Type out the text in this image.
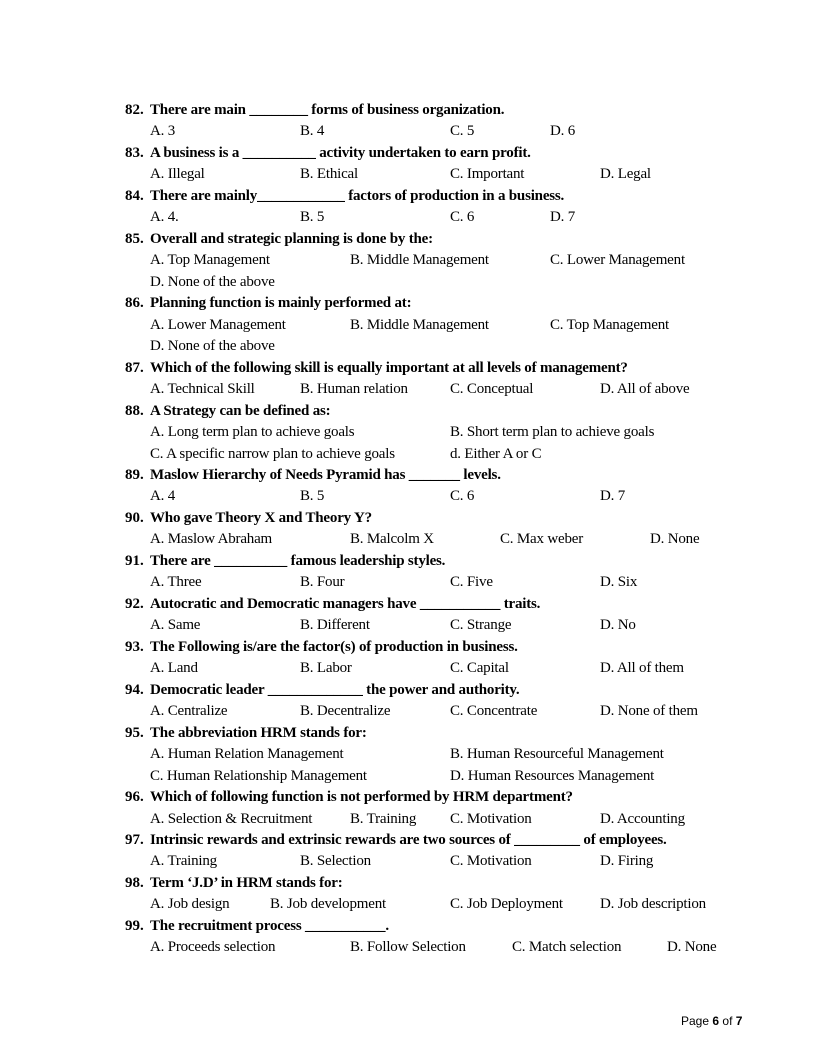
82. There are main ________ forms of business organization.
A. 3	B. 4	C. 5	D. 6
83. A business is a __________ activity undertaken to earn profit.
A. Illegal	B. Ethical	C. Important	D. Legal
84. There are mainly____________ factors of production in a business.
A. 4.	B. 5	C. 6	D. 7
85. Overall and strategic planning is done by the:
A. Top Management	B. Middle Management	C. Lower Management
D. None of the above
86. Planning function is mainly performed at:
A. Lower Management	B. Middle Management	C. Top Management
D. None of the above
87. Which of the following skill is equally important at all levels of management?
A. Technical Skill	B. Human relation	C. Conceptual	D. All of above
88. A Strategy can be defined as:
A. Long term plan to achieve goals	B. Short term plan to achieve goals
C. A specific narrow plan to achieve goals	d. Either A or C
89. Maslow Hierarchy of Needs Pyramid has _______ levels.
A. 4	B. 5	C. 6	D. 7
90. Who gave Theory X and Theory Y?
A. Maslow Abraham	B. Malcolm X	C. Max weber	D. None
91. There are __________ famous leadership styles.
A. Three	B. Four	C. Five	D. Six
92. Autocratic and Democratic managers have ___________ traits.
A. Same	B. Different	C. Strange	D. No
93. The Following is/are the factor(s) of production in business.
A. Land	B. Labor	C. Capital	D. All of them
94. Democratic leader _____________ the power and authority.
A. Centralize	B. Decentralize	C. Concentrate	D. None of them
95. The abbreviation HRM stands for:
A. Human Relation Management	B. Human Resourceful Management
C. Human Relationship Management	D. Human Resources Management
96. Which of following function is not performed by HRM department?
A. Selection & Recruitment	B. Training C. Motivation	D. Accounting
97. Intrinsic rewards and extrinsic rewards are two sources of _________ of employees.
A. Training	B. Selection	C. Motivation	D. Firing
98. Term ‘J.D’ in HRM stands for:
A. Job design	B. Job development	C. Job Deployment D. Job description
99. The recruitment process ___________.
A. Proceeds selection	B. Follow Selection	C. Match selection	D. None
Page 6 of 7
